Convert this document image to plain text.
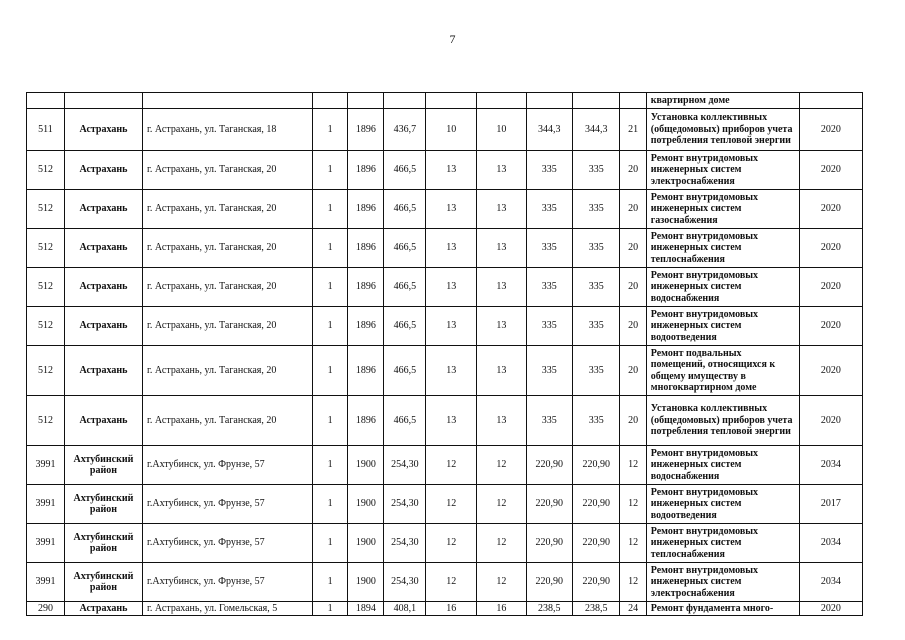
7
											квартирном доме	
511	Астрахань	г. Астрахань, ул. Таганская, 18	1	1896	436,7	10	10	344,3	344,3	21	Установка коллективных (общедомовых) приборов учета потребления тепловой энергии	2020
512	Астрахань	г. Астрахань, ул. Таганская, 20	1	1896	466,5	13	13	335	335	20	Ремонт внутридомовых инженерных систем электроснабжения	2020
512	Астрахань	г. Астрахань, ул. Таганская, 20	1	1896	466,5	13	13	335	335	20	Ремонт внутридомовых инженерных систем газоснабжения	2020
512	Астрахань	г. Астрахань, ул. Таганская, 20	1	1896	466,5	13	13	335	335	20	Ремонт внутридомовых инженерных систем теплоснабжения	2020
512	Астрахань	г. Астрахань, ул. Таганская, 20	1	1896	466,5	13	13	335	335	20	Ремонт внутридомовых инженерных систем водоснабжения	2020
512	Астрахань	г. Астрахань, ул. Таганская, 20	1	1896	466,5	13	13	335	335	20	Ремонт внутридомовых инженерных систем водоотведения	2020
512	Астрахань	г. Астрахань, ул. Таганская, 20	1	1896	466,5	13	13	335	335	20	Ремонт подвальных помещений, относящихся к общему имуществу в многоквартирном доме	2020
512	Астрахань	г. Астрахань, ул. Таганская, 20	1	1896	466,5	13	13	335	335	20	Установка коллективных (общедомовых) приборов учета потребления тепловой энергии	2020
3991	Ахтубинский район	г.Ахтубинск, ул. Фрунзе, 57	1	1900	254,30	12	12	220,90	220,90	12	Ремонт внутридомовых инженерных систем водоснабжения	2034
3991	Ахтубинский район	г.Ахтубинск, ул. Фрунзе, 57	1	1900	254,30	12	12	220,90	220,90	12	Ремонт внутридомовых инженерных систем водоотведения	2017
3991	Ахтубинский район	г.Ахтубинск, ул. Фрунзе, 57	1	1900	254,30	12	12	220,90	220,90	12	Ремонт внутридомовых инженерных систем теплоснабжения	2034
3991	Ахтубинский район	г.Ахтубинск, ул. Фрунзе, 57	1	1900	254,30	12	12	220,90	220,90	12	Ремонт внутридомовых инженерных систем электроснабжения	2034
290	Астрахань	г. Астрахань, ул. Гомельская, 5	1	1894	408,1	16	16	238,5	238,5	24	Ремонт фундамента много-	2020
